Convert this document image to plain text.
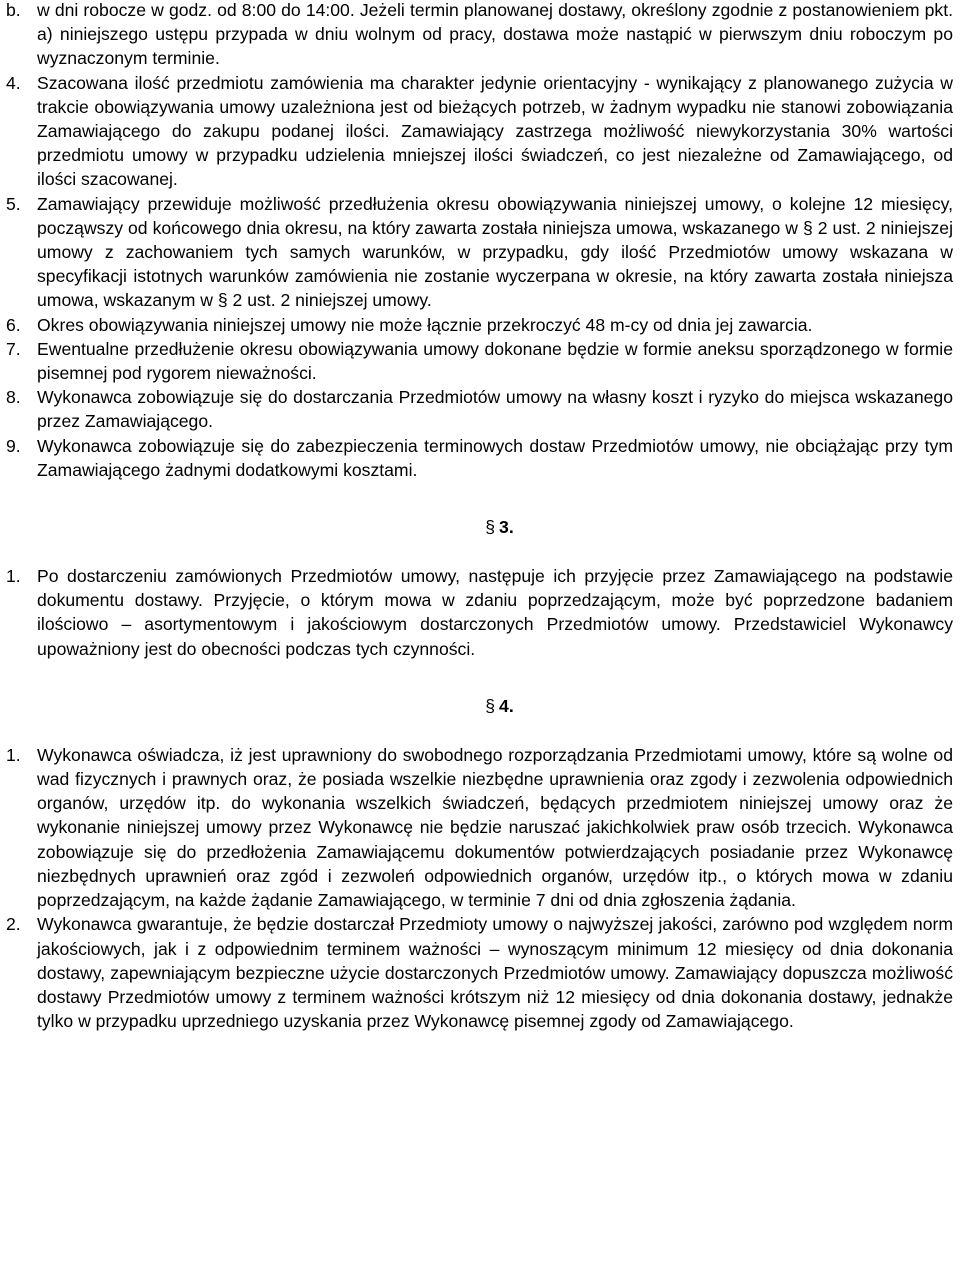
b. w dni robocze w godz. od 8:00 do 14:00. Jeżeli termin planowanej dostawy, określony zgodnie z postanowieniem pkt. a) niniejszego ustępu przypada w dniu wolnym od pracy, dostawa może nastąpić w pierwszym dniu roboczym po wyznaczonym terminie.
4. Szacowana ilość przedmiotu zamówienia ma charakter jedynie orientacyjny - wynikający z planowanego zużycia w trakcie obowiązywania umowy uzależniona jest od bieżących potrzeb, w żadnym wypadku nie stanowi zobowiązania Zamawiającego do zakupu podanej ilości. Zamawiający zastrzega możliwość niewykorzystania 30% wartości przedmiotu umowy w przypadku udzielenia mniejszej ilości świadczeń, co jest niezależne od Zamawiającego, od ilości szacowanej.
5. Zamawiający przewiduje możliwość przedłużenia okresu obowiązywania niniejszej umowy, o kolejne 12 miesięcy, począwszy od końcowego dnia okresu, na który zawarta została niniejsza umowa, wskazanego w § 2 ust. 2 niniejszej umowy z zachowaniem tych samych warunków, w przypadku, gdy ilość Przedmiotów umowy wskazana w specyfikacji istotnych warunków zamówienia nie zostanie wyczerpana w okresie, na który zawarta została niniejsza umowa, wskazanym w § 2 ust. 2 niniejszej umowy.
6. Okres obowiązywania niniejszej umowy nie może łącznie przekroczyć 48 m-cy od dnia jej zawarcia.
7. Ewentualne przedłużenie okresu obowiązywania umowy dokonane będzie w formie aneksu sporządzonego w formie pisemnej pod rygorem nieważności.
8. Wykonawca zobowiązuje się do dostarczania Przedmiotów umowy na własny koszt i ryzyko do miejsca wskazanego przez Zamawiającego.
9. Wykonawca zobowiązuje się do zabezpieczenia terminowych dostaw Przedmiotów umowy, nie obciążając przy tym Zamawiającego żadnymi dodatkowymi kosztami.
§ 3.
1. Po dostarczeniu zamówionych Przedmiotów umowy, następuje ich przyjęcie przez Zamawiającego na podstawie dokumentu dostawy. Przyjęcie, o którym mowa w zdaniu poprzedzającym, może być poprzedzone badaniem ilościowo – asortymentowym i jakościowym dostarczonych Przedmiotów umowy. Przedstawiciel Wykonawcy upoważniony jest do obecności podczas tych czynności.
§ 4.
1. Wykonawca oświadcza, iż jest uprawniony do swobodnego rozporządzania Przedmiotami umowy, które są wolne od wad fizycznych i prawnych oraz, że posiada wszelkie niezbędne uprawnienia oraz zgody i zezwolenia odpowiednich organów, urzędów itp. do wykonania wszelkich świadczeń, będących przedmiotem niniejszej umowy oraz że wykonanie niniejszej umowy przez Wykonawcę nie będzie naruszać jakichkolwiek praw osób trzecich. Wykonawca zobowiązuje się do przedłożenia Zamawiającemu dokumentów potwierdzających posiadanie przez Wykonawcę niezbędnych uprawnień oraz zgód i zezwoleń odpowiednich organów, urzędów itp., o których mowa w zdaniu poprzedzającym, na każde żądanie Zamawiającego, w terminie 7 dni od dnia zgłoszenia żądania.
2. Wykonawca gwarantuje, że będzie dostarczał Przedmioty umowy o najwyższej jakości, zarówno pod względem norm jakościowych, jak i z odpowiednim terminem ważności – wynoszącym minimum 12 miesięcy od dnia dokonania dostawy, zapewniającym bezpieczne użycie dostarczonych Przedmiotów umowy. Zamawiający dopuszcza możliwość dostawy Przedmiotów umowy z terminem ważności krótszym niż 12 miesięcy od dnia dokonania dostawy, jednakże tylko w przypadku uprzedniego uzyskania przez Wykonawcę pisemnej zgody od Zamawiającego.
